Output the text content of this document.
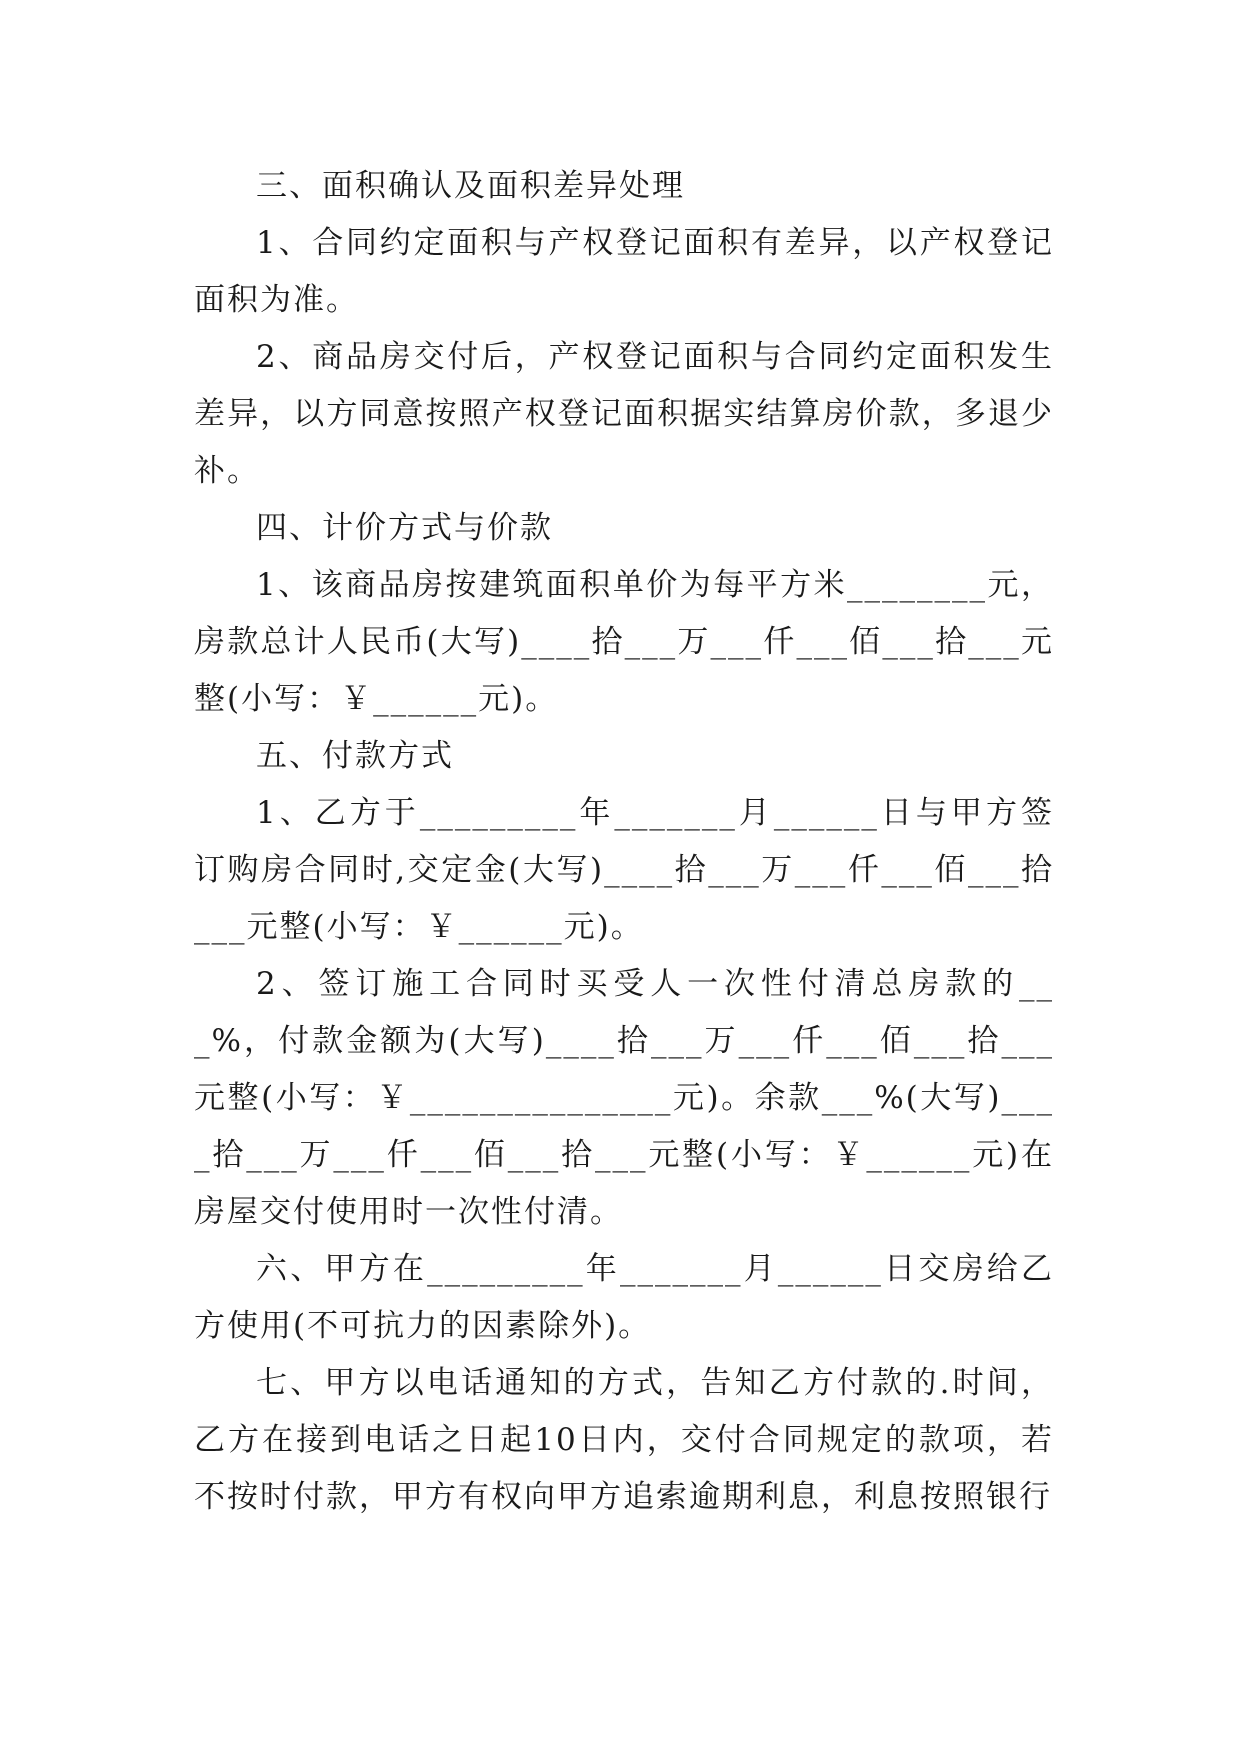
三、面积确认及面积差异处理

1、合同约定面积与产权登记面积有差异，以产权登记面积为准。

2、商品房交付后，产权登记面积与合同约定面积发生差异，以方同意按照产权登记面积据实结算房价款，多退少补。

四、计价方式与价款

1、该商品房按建筑面积单价为每平方米________元，房款总计人民币(大写)____拾___万___仟___佰___拾___元整(小写：￥______元)。

五、付款方式

1、乙方于_________年_______月______日与甲方签订购房合同时,交定金(大写)____拾___万___仟___佰___拾___元整(小写：￥______元)。

2、签订施工合同时买受人一次性付清总房款的___%，付款金额为(大写)____拾___万___仟___佰___拾___元整(小写：￥_______________元)。余款___%(大写)____拾___万___仟___佰___拾___元整(小写：￥______元)在房屋交付使用时一次性付清。

六、甲方在_________年_______月______日交房给乙方使用(不可抗力的因素除外)。

七、甲方以电话通知的方式，告知乙方付款的.时间，乙方在接到电话之日起10日内，交付合同规定的款项，若不按时付款，甲方有权向甲方追索逾期利息，利息按照银行
